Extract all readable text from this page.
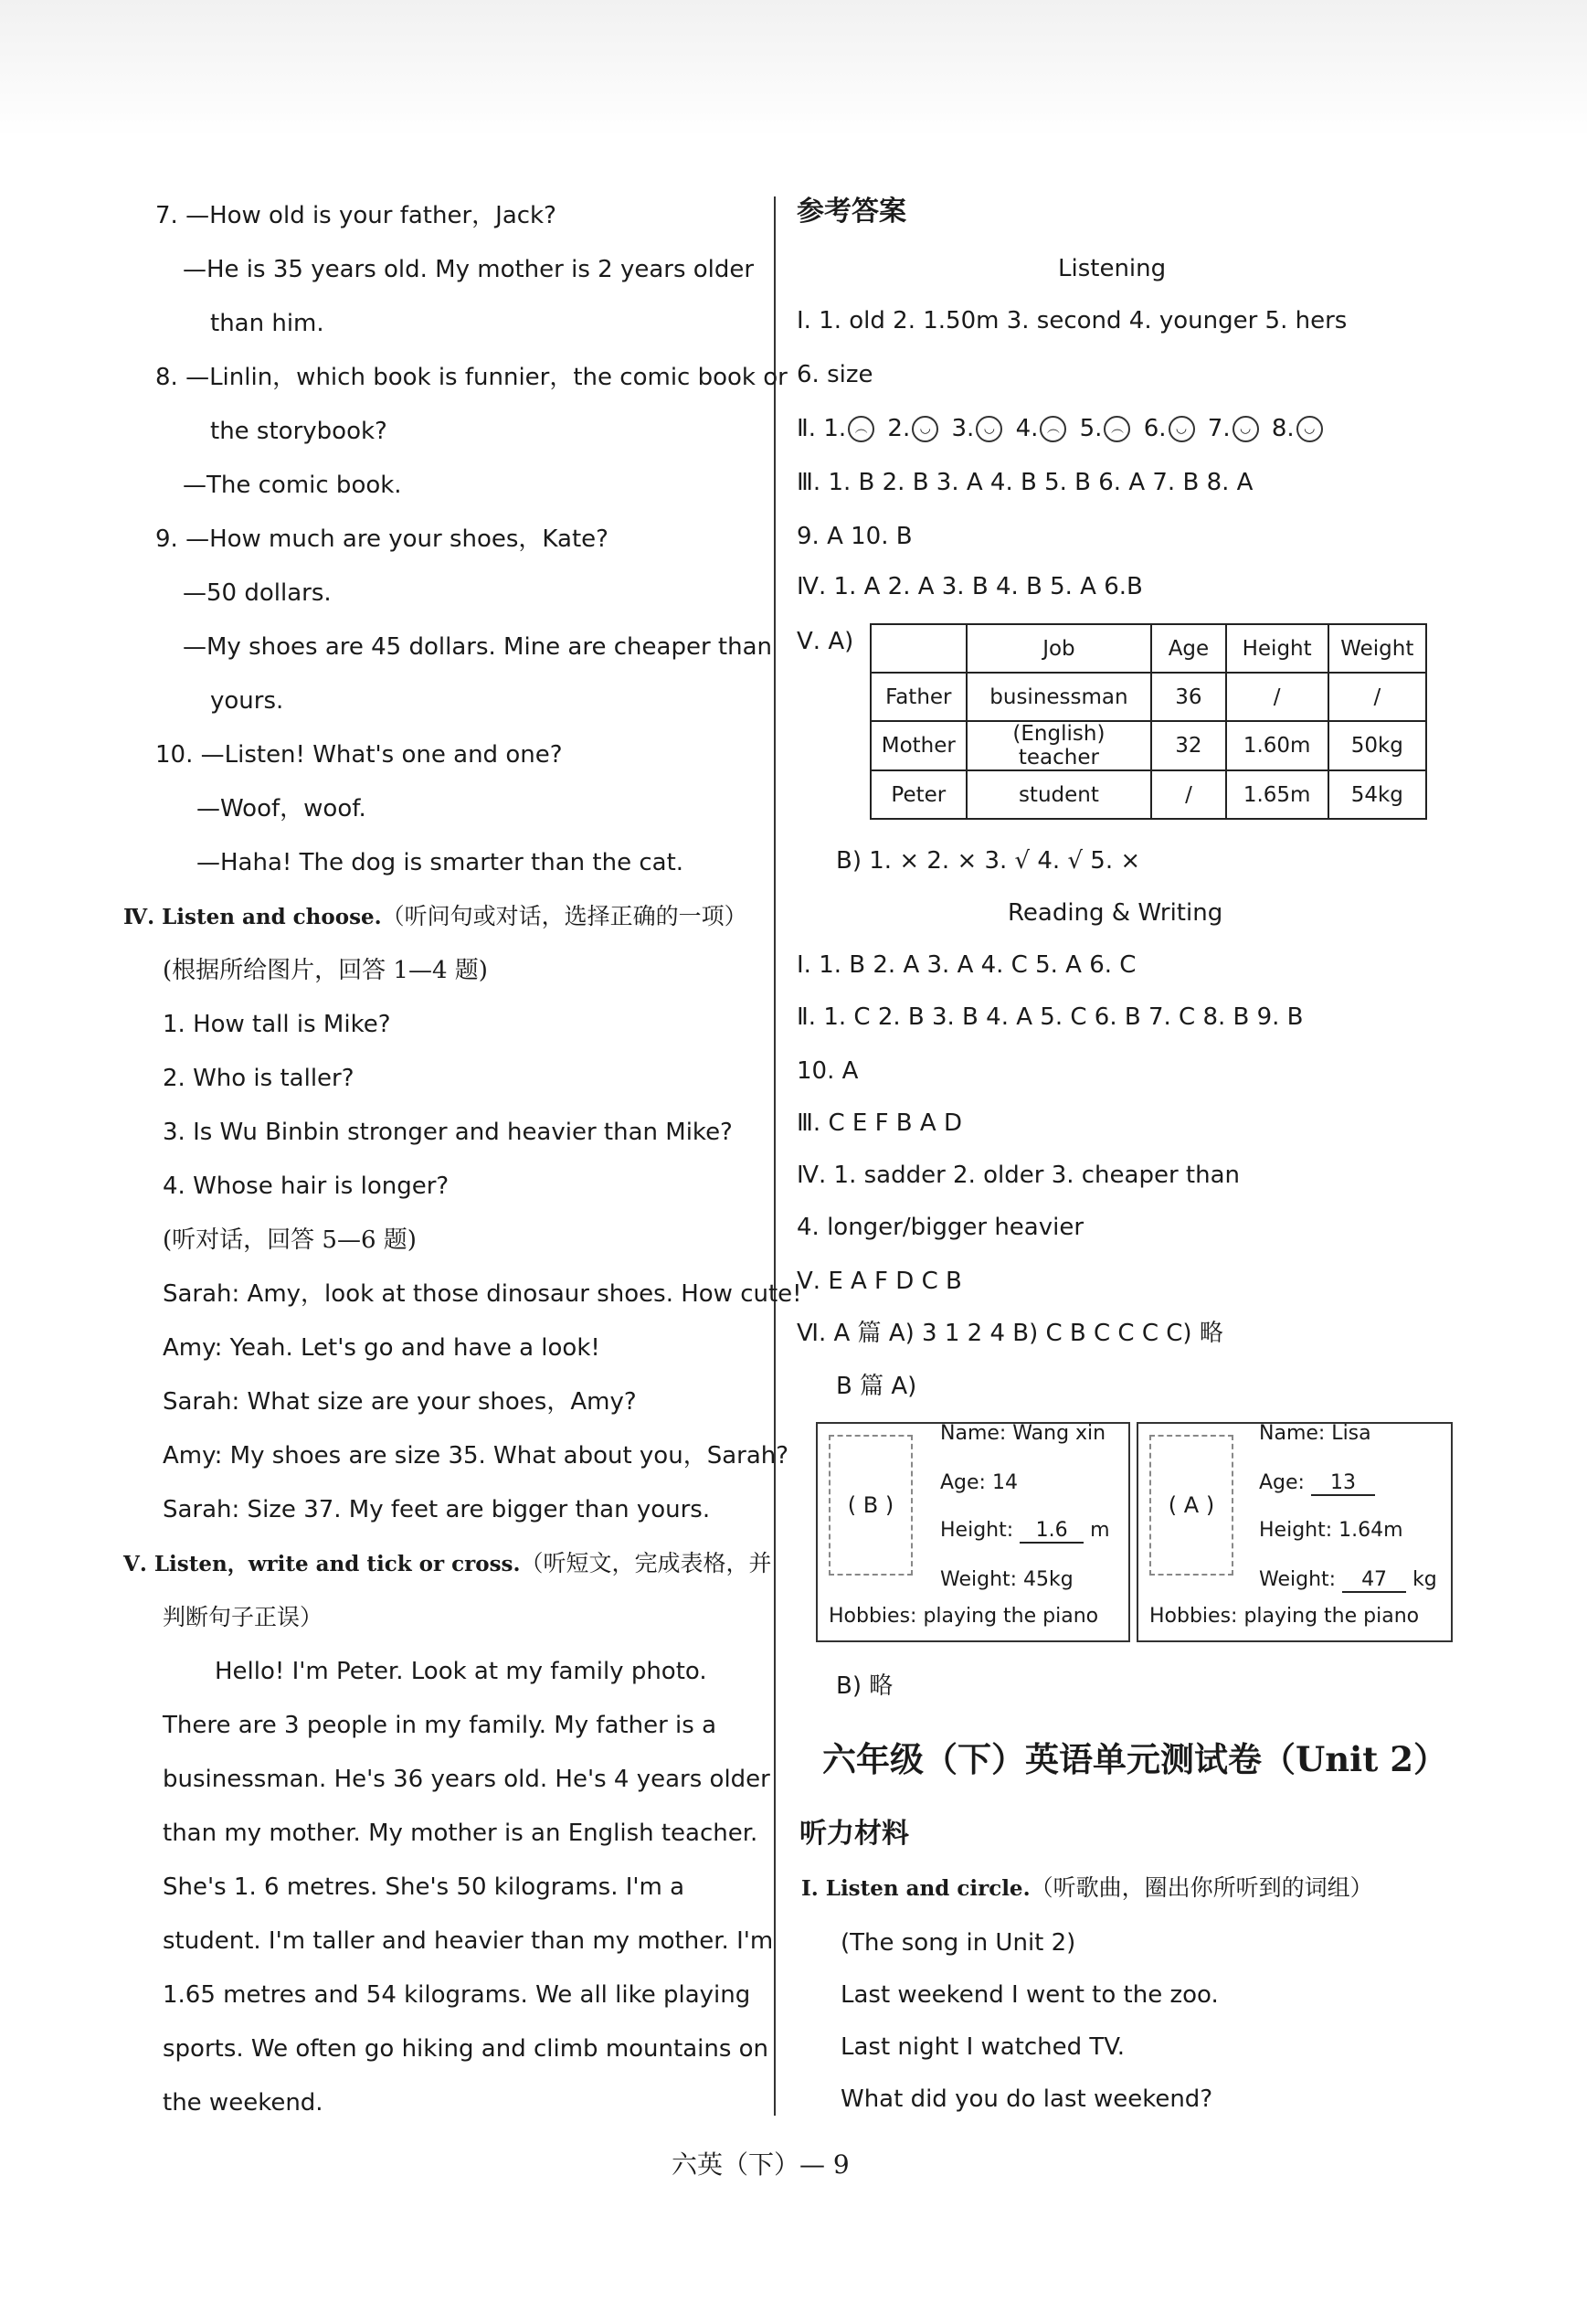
7. —How old is your father，Jack?
—He is 35 years old. My mother is 2 years older
than him.
8. —Linlin，which book is funnier，the comic book or
the storybook?
—The comic book.
9. —How much are your shoes，Kate?
—50 dollars.
—My shoes are 45 dollars. Mine are cheaper than
yours.
10. —Listen! What's one and one?
—Woof，woof.
—Haha! The dog is smarter than the cat.
Ⅳ. Listen and choose.（听问句或对话，选择正确的一项）
(根据所给图片，回答 1—4 题)
1. How tall is Mike?
2. Who is taller?
3. Is Wu Binbin stronger and heavier than Mike?
4. Whose hair is longer?
(听对话，回答 5—6 题)
Sarah: Amy，look at those dinosaur shoes. How cute!
Amy: Yeah. Let's go and have a look!
Sarah: What size are your shoes，Amy?
Amy: My shoes are size 35. What about you，Sarah?
Sarah: Size 37. My feet are bigger than yours.
Ⅴ. Listen，write and tick or cross.（听短文，完成表格，并
判断句子正误）
Hello! I'm Peter. Look at my family photo.
There are 3 people in my family. My father is a
businessman. He's 36 years old. He's 4 years older
than my mother. My mother is an English teacher.
She's 1. 6 metres. She's 50 kilograms. I'm a
student. I'm taller and heavier than my mother. I'm
1.65 metres and 54 kilograms. We all like playing
sports. We often go hiking and climb mountains on
the weekend.
参考答案
Listening
Ⅰ. 1. old 2. 1.50m 3. second 4. younger 5. hers
6. size
Ⅱ. 1. ︵ 2. ◡ 3. ◡ 4. ︵ 5. ︵ 6. ◡ 7. ◡ 8. ◡
Ⅲ. 1. B 2. B 3. A 4. B 5. B 6. A 7. B 8. A
9. A 10. B
Ⅳ. 1. A 2. A 3. B 4. B 5. A 6.B
Ⅴ. A)
		Job	Age	Height	Weight
Father	businessman	36	/	/
Mother	(English) teacher	32	1.60m	50kg
Peter	student	/	1.65m	54kg
B) 1. × 2. × 3. √ 4. √ 5. ×
Reading & Writing
Ⅰ. 1. B 2. A 3. A 4. C 5. A 6. C
Ⅱ. 1. C 2. B 3. B 4. A 5. C 6. B 7. C 8. B 9. B
10. A
Ⅲ. C E F B A D
Ⅳ. 1. sadder 2. older 3. cheaper than
4. longer/bigger heavier
Ⅴ. E A F D C B
Ⅵ. A 篇 A) 3 1 2 4 B) C B C C C C) 略
B 篇 A)
( B )
Name: Wang xin
Age: 14
Height: 1.6 m
Weight: 45kg
Hobbies: playing the piano
( A )
Name: Lisa
Age: 13
Height: 1.64m
Weight: 47 kg
Hobbies: playing the piano
B) 略
六年级（下）英语单元测试卷（Unit 2）
听力材料
Ⅰ. Listen and circle.（听歌曲，圈出你所听到的词组）
(The song in Unit 2)
Last weekend I went to the zoo.
Last night I watched TV.
What did you do last weekend?
六英（下）— 9
